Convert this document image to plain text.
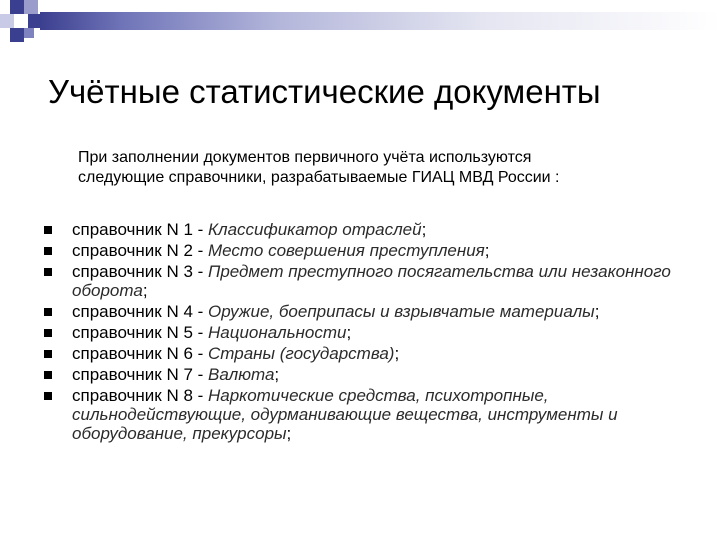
Учётные статистические документы
При заполнении документов первичного учёта используются
следующие справочники, разрабатываемые ГИАЦ МВД России :
справочник N 1 - Классификатор отраслей;
справочник N 2 - Место совершения преступления;
справочник N 3 - Предмет преступного посягательства или незаконного оборота;
справочник N 4 - Оружие, боеприпасы и взрывчатые материалы;
справочник N 5 - Национальности;
справочник N 6 - Страны (государства);
справочник N 7 - Валюта;
справочник N 8 - Наркотические средства, психотропные, сильнодействующие, одурманивающие вещества, инструменты и оборудование, прекурсоры;
